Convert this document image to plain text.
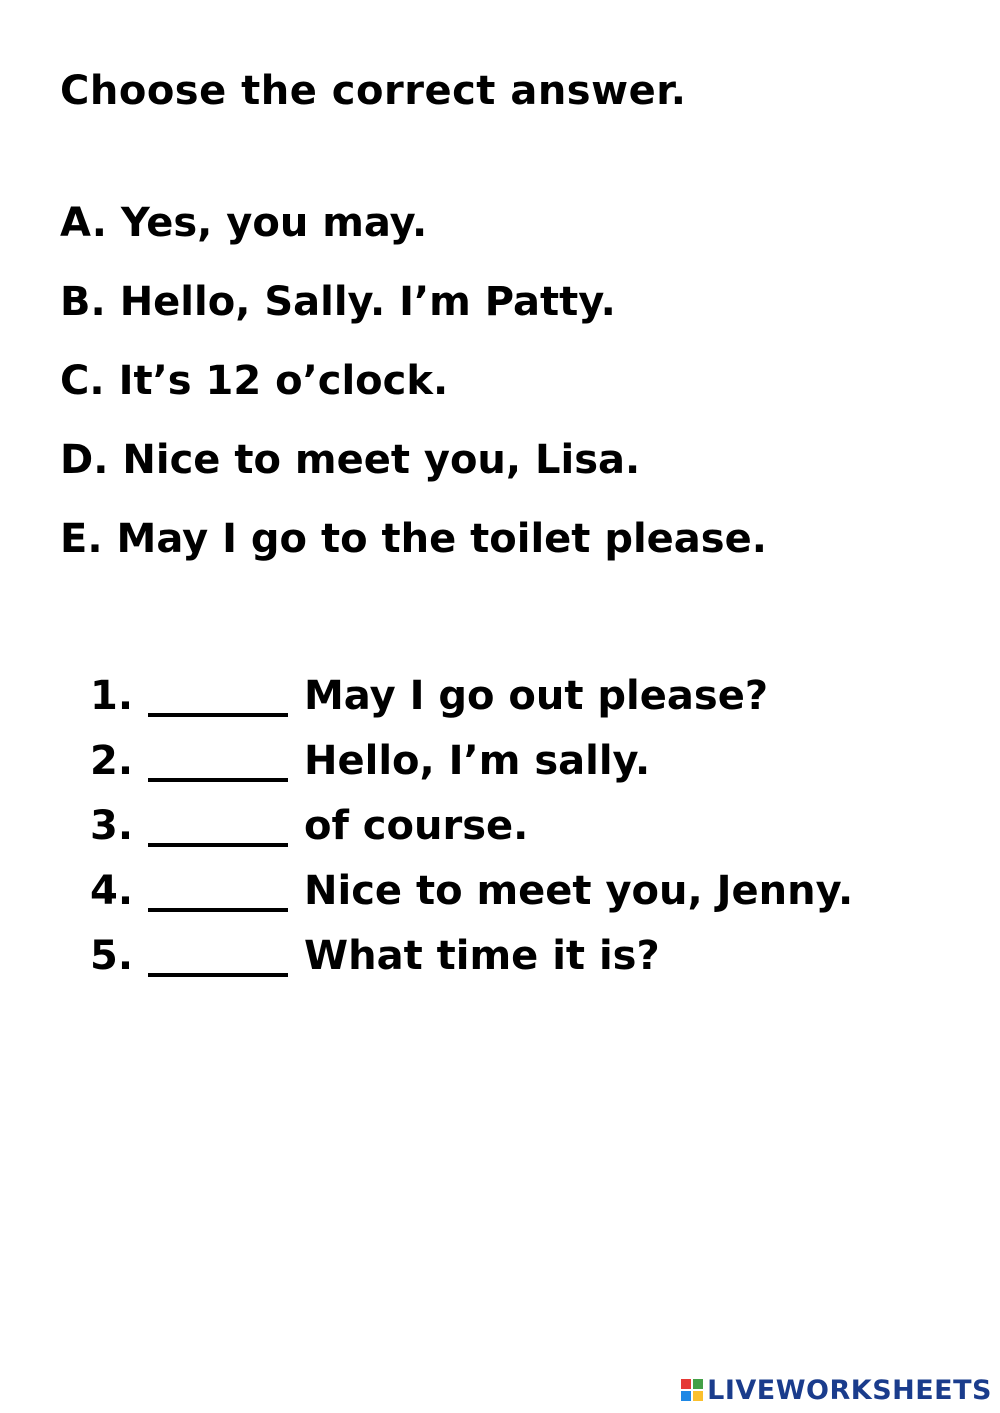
Choose the correct answer.
A. Yes, you may.
B. Hello, Sally. I’m Patty.
C. It’s 12 o’clock.
D. Nice to meet you, Lisa.
E. May I go to the toilet please.
1.	May I go out please?
2.	Hello, I’m sally.
3.	of course.
4.	Nice to meet you, Jenny.
5.	What time it is?
LIVEWORKSHEETS
